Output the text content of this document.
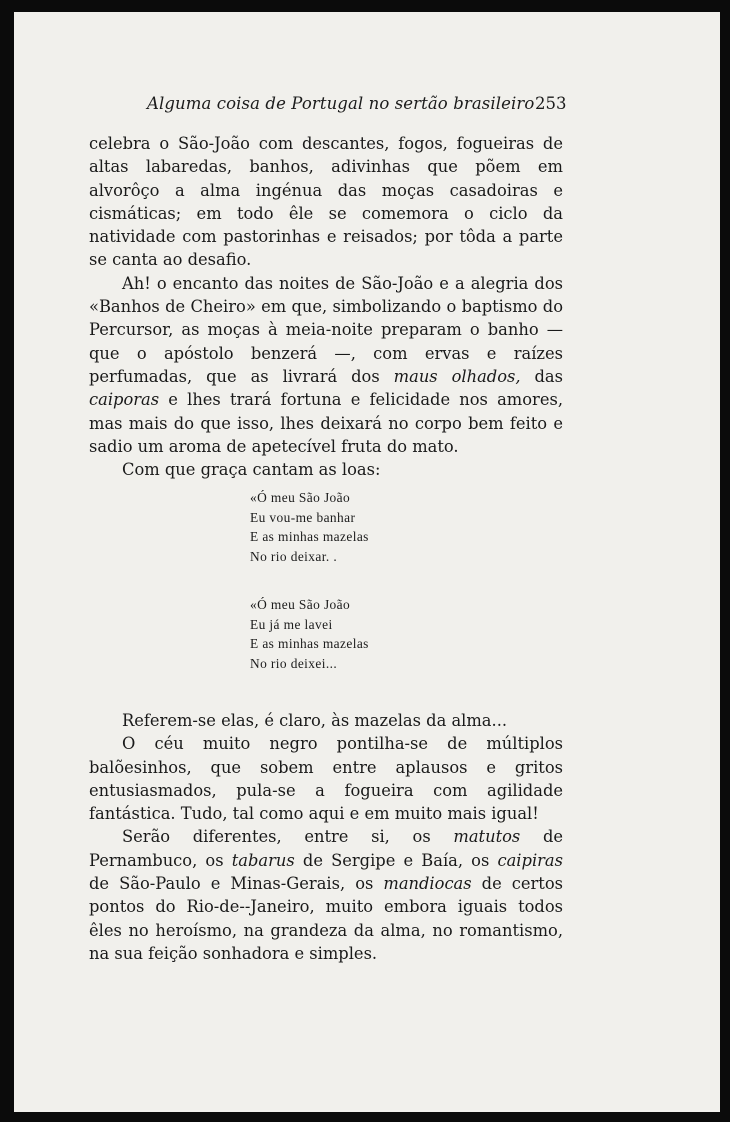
Alguma coisa de Portugal no sertão brasileiro 253

celebra o São-João com descantes, fogos, fogueiras de altas labaredas, banhos, adivinhas que põem em alvorôço a alma ingénua das moças casadoiras e cismáticas; em todo êle se comemora o ciclo da natividade com pastorinhas e reisados; por tôda a parte se canta ao desafio.

Ah! o encanto das noites de São-João e a alegria dos «Banhos de Cheiro» em que, simbolizando o baptismo do Percursor, as moças à meia-noite preparam o banho — que o apóstolo benzerá —, com ervas e raízes perfumadas, que as livrará dos maus olhados, das caiporas e lhes trará fortuna e felicidade nos amores, mas mais do que isso, lhes deixará no corpo bem feito e sadio um aroma de apetecível fruta do mato.

Com que graça cantam as loas:

«Ó meu São João
Eu vou-me banhar
E as minhas mazelas
No rio deixar. .
«Ó meu São João
Eu já me lavei
E as minhas mazelas
No rio deixei...

Referem-se elas, é claro, às mazelas da alma...

O céu muito negro pontilha-se de múltiplos balõesinhos, que sobem entre aplausos e gritos entusiasmados, pula-se a fogueira com agilidade fantástica. Tudo, tal como aqui e em muito mais igual!

Serão diferentes, entre si, os matutos de Pernambuco, os tabarus de Sergipe e Baía, os caipiras de São-Paulo e Minas-Gerais, os mandiocas de certos pontos do Rio-de--Janeiro, muito embora iguais todos êles no heroísmo, na grandeza da alma, no romantismo, na sua feição sonhadora e simples.
